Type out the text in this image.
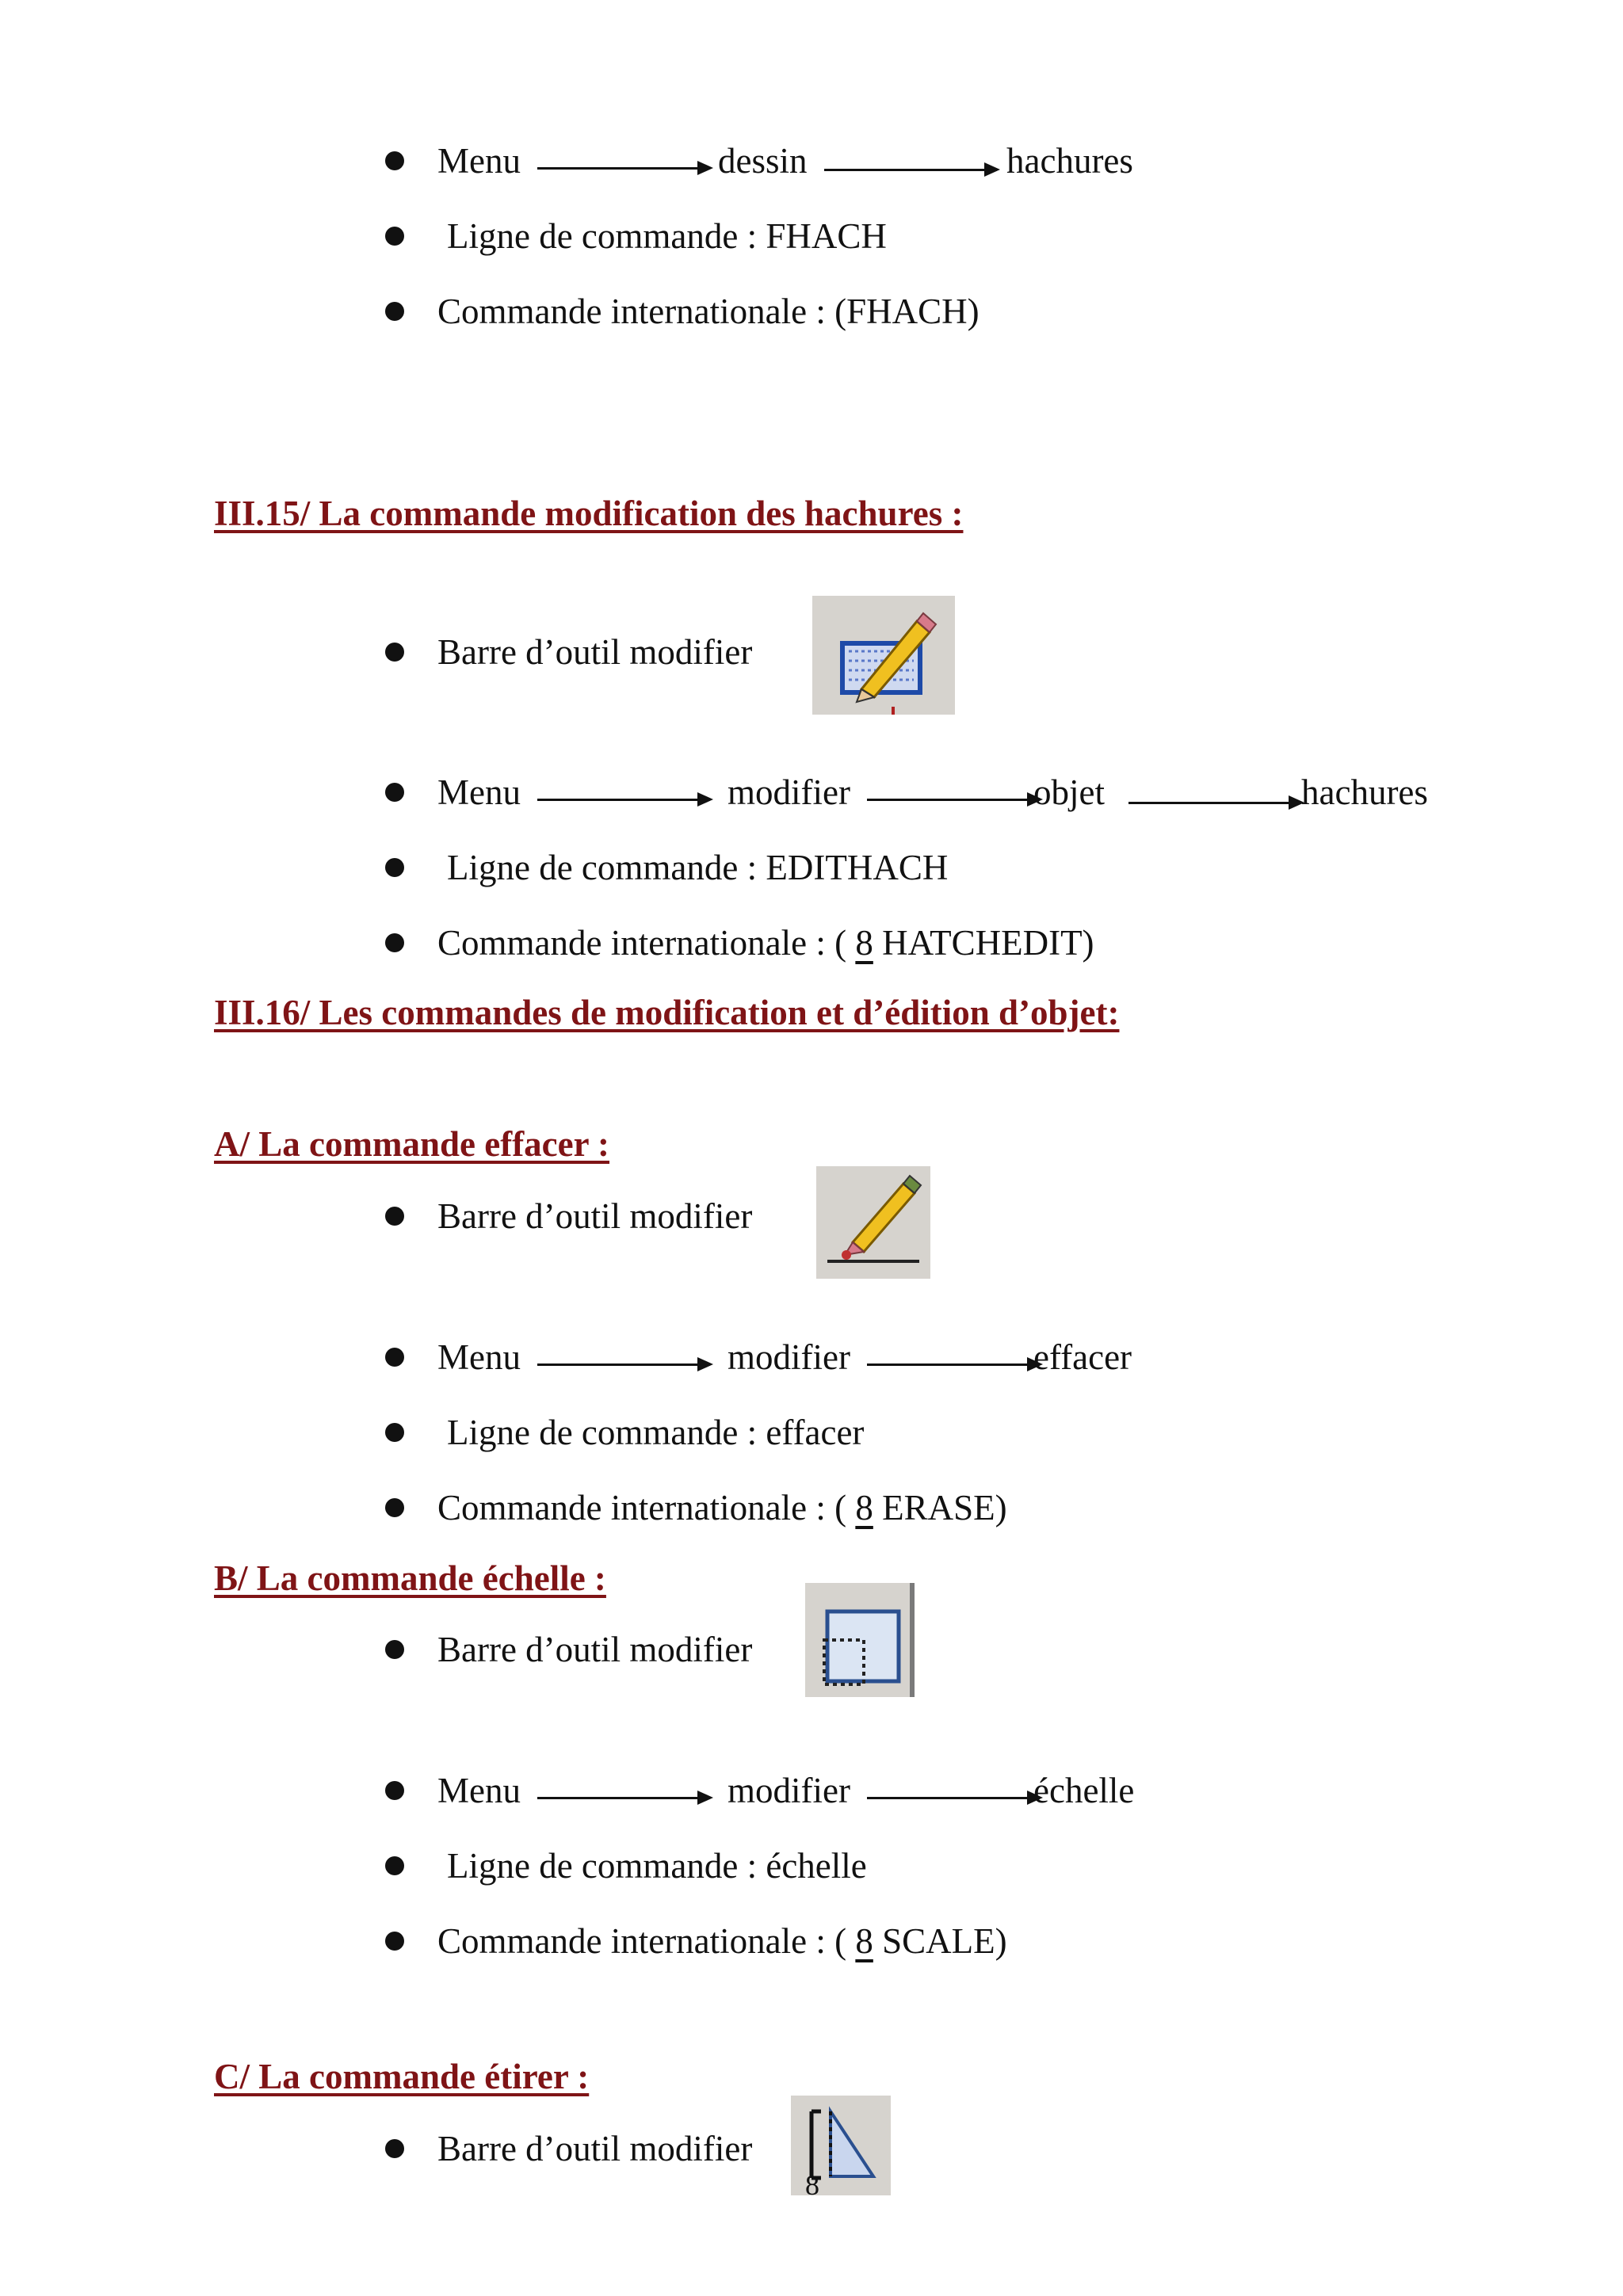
Menu	dessin	hachures
Ligne de commande : FHACH
Commande internationale : (FHACH)
III.15/ La commande modification des hachures :
Barre d’outil modifier
Menu	modifier	objet	hachures
Ligne de commande : EDITHACH
Commande internationale : ( 8 HATCHEDIT)
III.16/ Les commandes de modification et d’édition d’objet:
A/ La commande effacer :
Barre d’outil modifier
Menu	modifier	effacer
Ligne de commande : effacer
Commande internationale : ( 8 ERASE)
B/ La commande échelle :
Barre d’outil modifier
Menu	modifier	échelle
Ligne de commande : échelle
Commande internationale : ( 8 SCALE)
C/ La commande étirer :
Barre d’outil modifier
8
